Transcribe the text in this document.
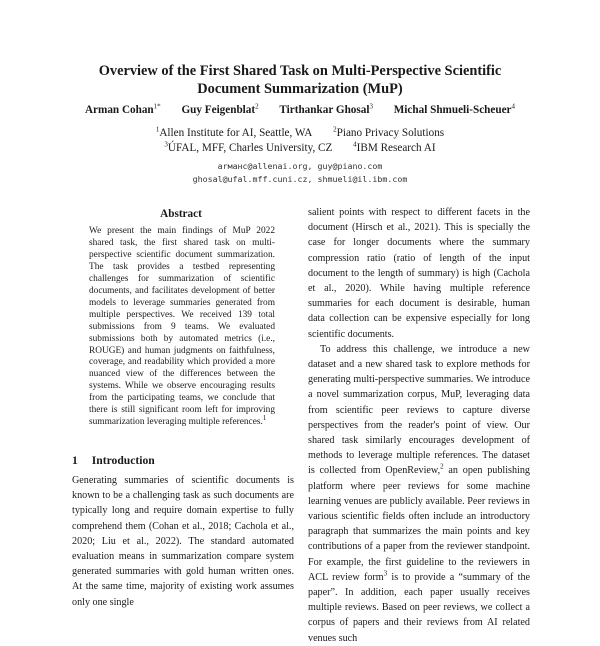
Overview of the First Shared Task on Multi-Perspective Scientific
Document Summarization (MuP)
Arman Cohan$^{1*}$ Guy Feigenblat$^2$ Tirthankar Ghosal$^3$ Michal Shmueli-Scheuer$^4$
$^1$Allen Institute for AI, Seattle, WA	$^2$Piano Privacy Solutions
$^3$ÚFAL, MFF, Charles University, CZ	$^4$IBM Research AI
arманc@allenai.org, guy@piano.com
ghosal@ufal.mff.cuni.cz, shmueli@il.ibm.com
Abstract
We present the main findings of MuP 2022 shared task, the first shared task on multi-perspective scientific document summarization. The task provides a testbed representing challenges for summarization of scientific documents, and facilitates development of better models to leverage summaries generated from multiple perspectives. We received 139 total submissions from 9 teams. We evaluated submissions both by automated metrics (i.e., ROUGE) and human judgments on faithfulness, coverage, and readability which provided a more nuanced view of the differences between the systems. While we observe encouraging results from the participating teams, we conclude that there is still significant room left for improving summarization leveraging multiple references.$^1$
1 Introduction

Generating summaries of scientific documents is known to be a challenging task as such documents are typically long and require domain expertise to fully comprehend them (Cohan et al., 2018; Cachola et al., 2020; Liu et al., 2022). The standard automated evaluation means in summarization compare system generated summaries with gold human written ones. At the same time, majority of existing work assumes only one single

salient points with respect to different facets in the document (Hirsch et al., 2021). This is specially the case for longer documents where the summary compression ratio (ratio of length of the input document to the length of summary) is high (Cachola et al., 2020). While having multiple reference summaries for each document is desirable, human data collection can be expensive especially for long scientific documents.

To address this challenge, we introduce a new dataset and a new shared task to explore methods for generating multi-perspective summaries. We introduce a novel summarization corpus, MuP, leveraging data from scientific peer reviews to capture diverse perspectives from the reader's point of view. Our shared task similarly encourages development of methods to leverage multiple references. The dataset is collected from OpenReview,$^2$ an open publishing platform where peer reviews for some machine learning venues are publicly available. Peer reviews in various scientific fields often include an introductory paragraph that summarizes the main points and key contributions of a paper from the reviewer standpoint. For example, the first guideline to the reviewers in ACL review form$^3$ is to provide a “summary of the paper”. In addition, each paper usually receives multiple reviews. Based on peer reviews, we collect a corpus of papers and their reviews from AI related venues such
